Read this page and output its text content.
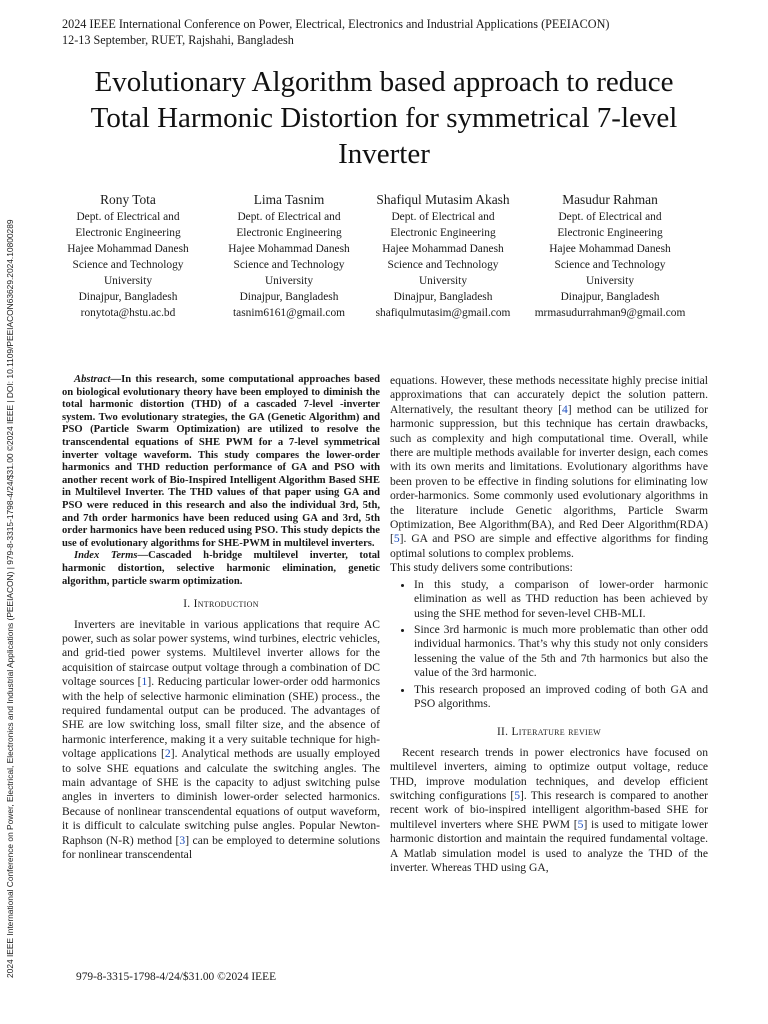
2024 IEEE International Conference on Power, Electrical, Electronics and Industrial Applications (PEEIACON)
12-13 September, RUET, Rajshahi, Bangladesh
2024 IEEE International Conference on Power, Electrical, Electronics and Industrial Applications (PEEIACON) | 979-8-3315-1798-4/24/$31.00 ©2024 IEEE | DOI: 10.1109/PEEIACON63629.2024.10800289
Evolutionary Algorithm based approach to reduce
Total Harmonic Distortion for symmetrical 7-level
Inverter
Rony Tota
Dept. of Electrical and
Electronic Engineering
Hajee Mohammad Danesh
Science and Technology
University
Dinajpur, Bangladesh
ronytota@hstu.ac.bd
Lima Tasnim
Dept. of Electrical and
Electronic Engineering
Hajee Mohammad Danesh
Science and Technology
University
Dinajpur, Bangladesh
tasnim6161@gmail.com
Shafiqul Mutasim Akash
Dept. of Electrical and
Electronic Engineering
Hajee Mohammad Danesh
Science and Technology
University
Dinajpur, Bangladesh
shafiqulmutasim@gmail.com
Masudur Rahman
Dept. of Electrical and
Electronic Engineering
Hajee Mohammad Danesh
Science and Technology
University
Dinajpur, Bangladesh
mrmasudurrahman9@gmail.com

Abstract—In this research, some computational approaches based on biological evolutionary theory have been employed to diminish the total harmonic distortion (THD) of a cascaded 7-level -inverter system. Two evolutionary strategies, the GA (Genetic Algorithm) and PSO (Particle Swarm Optimization) are utilized to resolve the transcendental equations of SHE PWM for a 7-level symmetrical inverter voltage waveform. This study compares the lower-order harmonics and THD reduction performance of GA and PSO with another recent work of Bio-Inspired Intelligent Algorithm Based SHE in Multilevel Inverter. The THD values of that paper using GA and PSO were reduced in this research and also the individual 3rd, 5th, and 7th order harmonics have been reduced using GA and 3rd, 5th order harmonics have been reduced using PSO. This study depicts the use of evolutionary algorithms for SHE-PWM in multilevel inverters.

Index Terms—Cascaded h-bridge multilevel inverter, total harmonic distortion, selective harmonic elimination, genetic algorithm, particle swarm optimization.

I. Introduction

Inverters are inevitable in various applications that require AC power, such as solar power systems, wind turbines, electric vehicles, and grid-tied power systems. Multilevel inverter allows for the acquisition of staircase output voltage through a combination of DC voltage sources [1]. Reducing particular lower-order odd harmonics with the help of selective harmonic elimination (SHE) process., the required fundamental output can be produced. The advantages of SHE are low switching loss, small filter size, and the absence of harmonic interference, making it a very suitable technique for high-voltage applications [2]. Analytical methods are usually employed to solve SHE equations and calculate the switching angles. The main advantage of SHE is the capacity to adjust switching pulse angles in inverters to diminish lower-order selected harmonics. Because of nonlinear transcendental equations of output waveform, it is difficult to calculate switching pulse angles. Popular Newton-Raphson (N-R) method [3] can be employed to determine solutions for nonlinear transcendental

equations. However, these methods necessitate highly precise initial approximations that can accurately depict the solution pattern. Alternatively, the resultant theory [4] method can be utilized for harmonic suppression, but this technique has certain drawbacks, such as complexity and high computational time. Overall, while there are multiple methods available for inverter design, each comes with its own merits and limitations. Evolutionary algorithms have been proven to be effective in finding solutions for eliminating low order-harmonics. Some commonly used evolutionary algorithms in the literature include Genetic algorithms, Particle Swarm Optimization, Bee Algorithm(BA), and Red Deer Algorithm(RDA) [5]. GA and PSO are simple and effective algorithms for finding optimal solutions to complex problems.

This study delivers some contributions:

• In this study, a comparison of lower-order harmonic elimination as well as THD reduction has been achieved by using the SHE method for seven-level CHB-MLI.
• Since 3rd harmonic is much more problematic than other odd individual harmonics. That’s why this study not only considers lessening the value of the 5th and 7th harmonics but also the value of the 3rd harmonic.
• This research proposed an improved coding of both GA and PSO algorithms.
II. Literature review

Recent research trends in power electronics have focused on multilevel inverters, aiming to optimize output voltage, reduce THD, improve modulation techniques, and develop efficient switching configurations [5]. This research is compared to another recent work of bio-inspired intelligent algorithm-based SHE for multilevel inverters where SHE PWM [5] is used to mitigate lower harmonic distortion and maintain the required fundamental voltage. A Matlab simulation model is used to analyze the THD of the inverter. Whereas THD using GA,

979-8-3315-1798-4/24/$31.00 ©2024 IEEE
